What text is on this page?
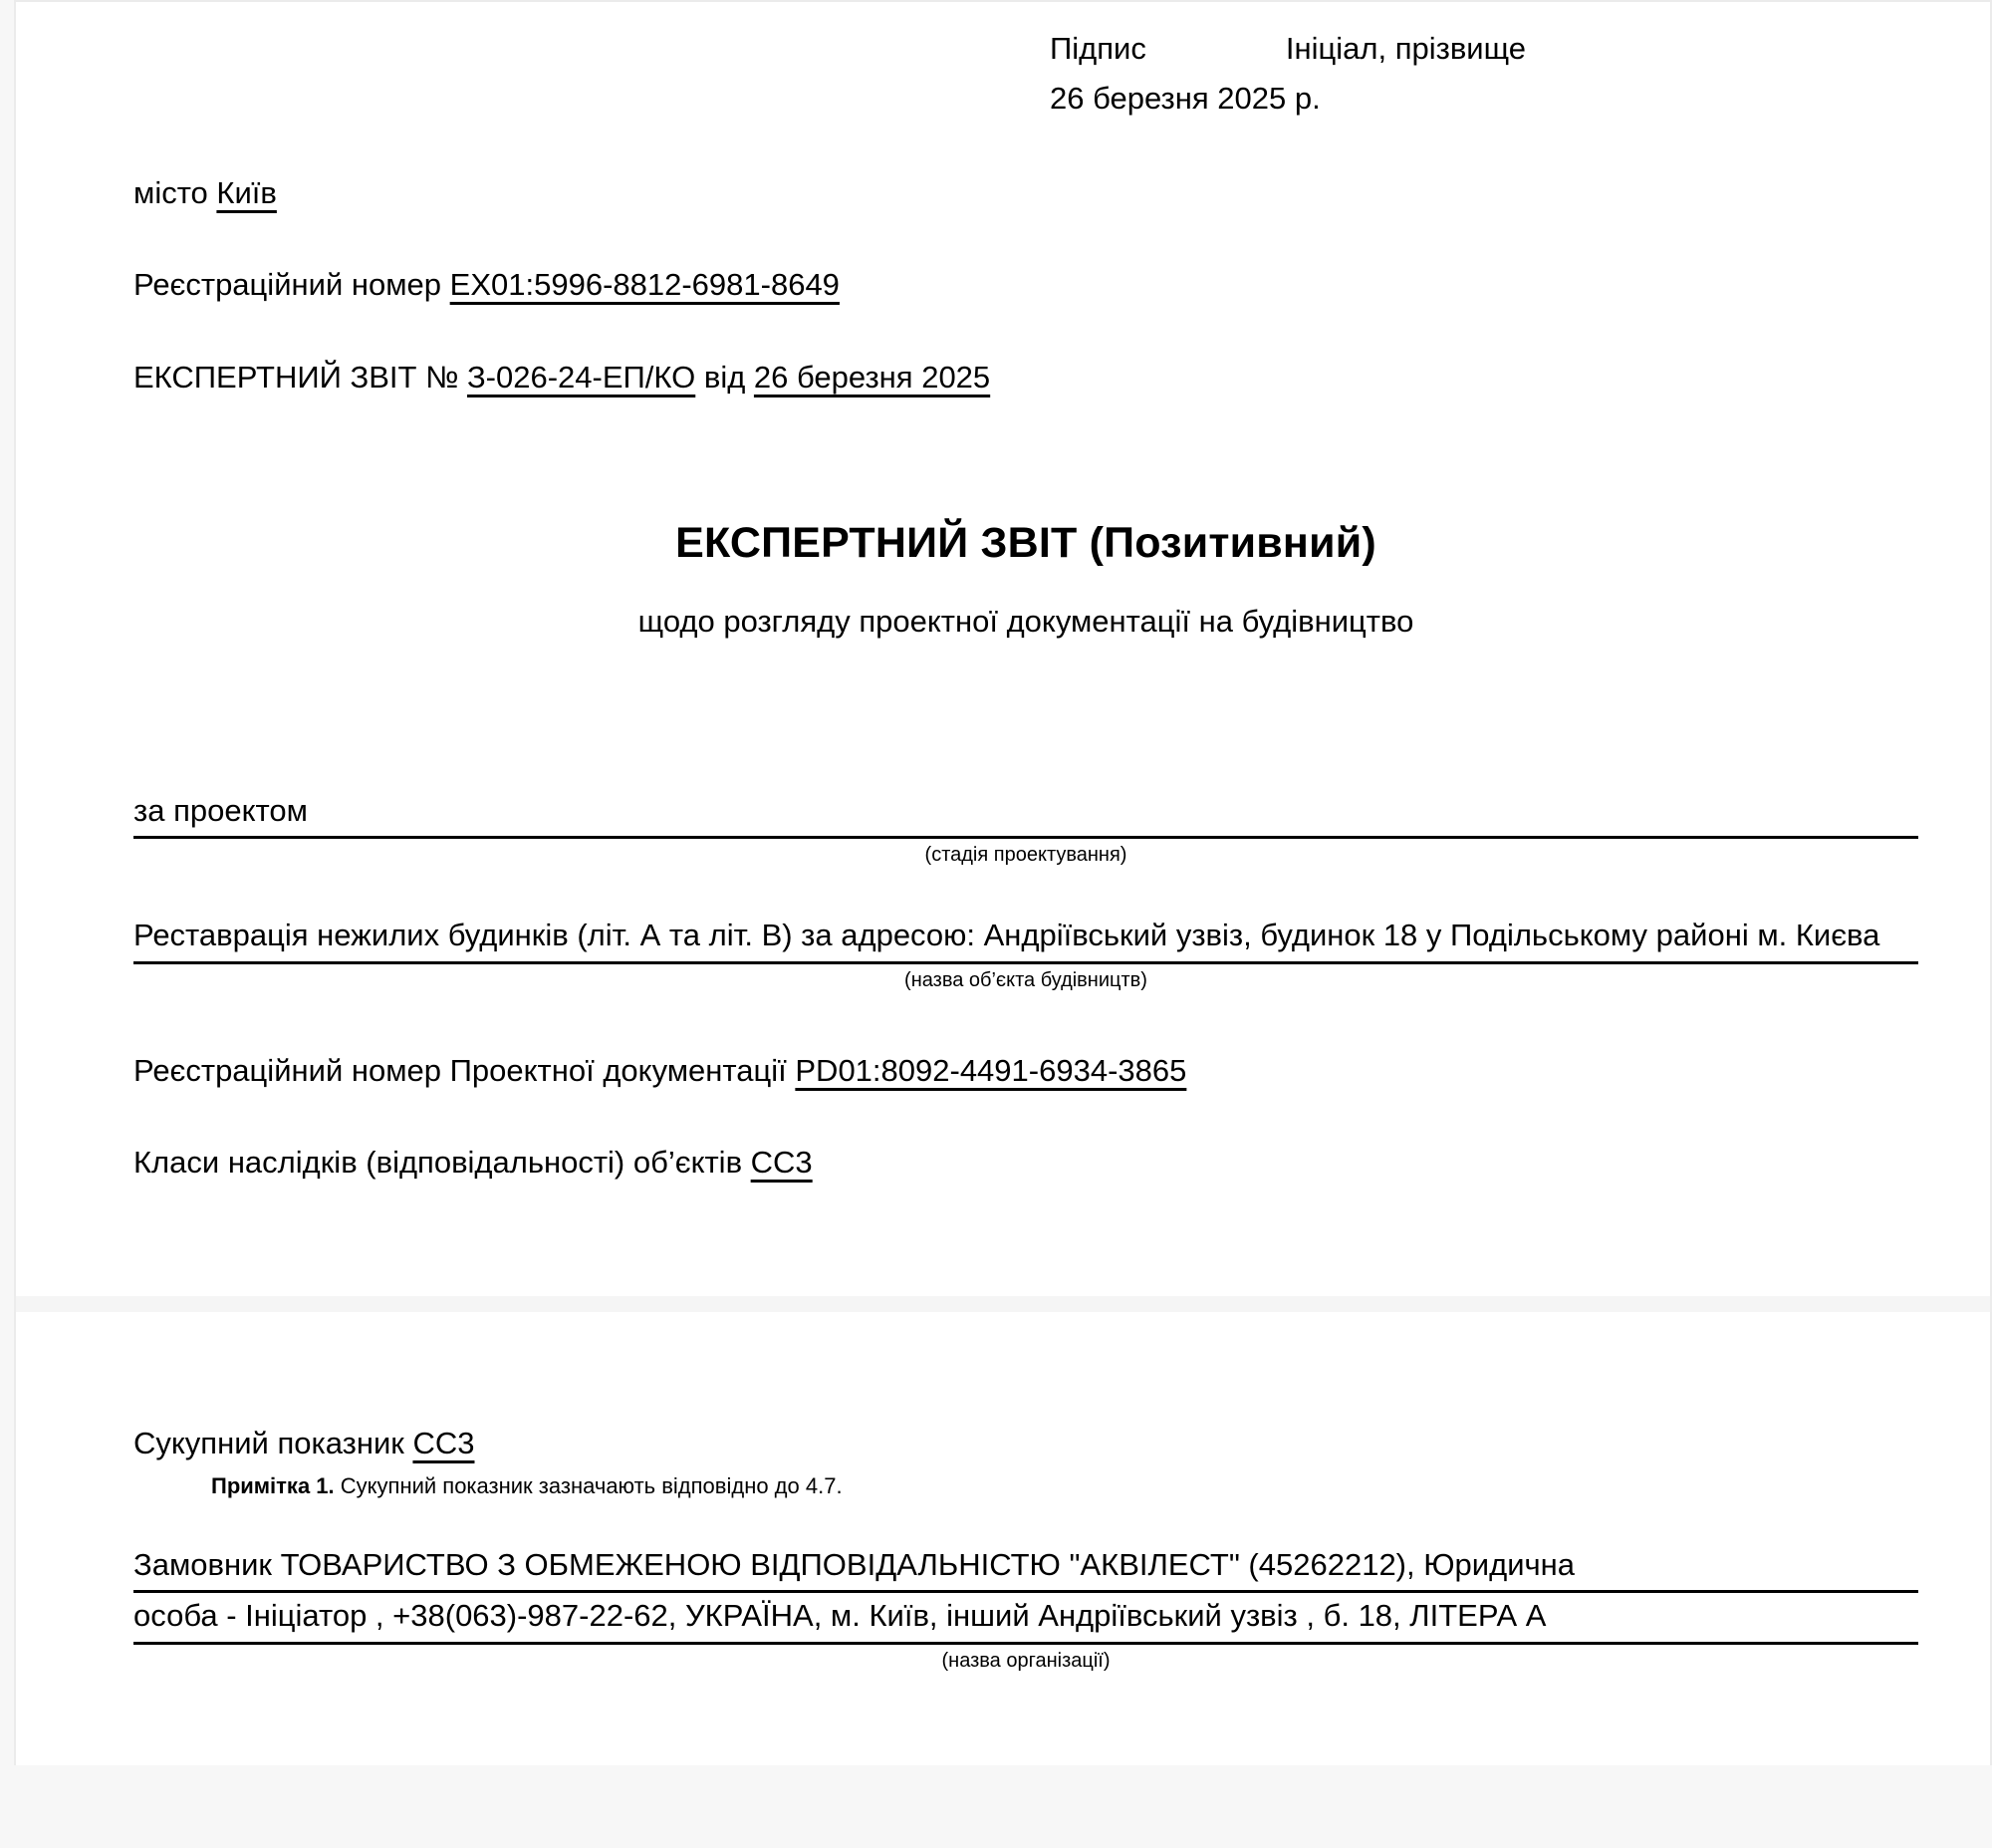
Підпис	Ініціал, прізвище
26 березня 2025 р.
місто Київ
Реєстраційний номер EX01:5996-8812-6981-8649
ЕКСПЕРТНИЙ ЗВІТ № З-026-24-ЕП/КО від 26 березня 2025
ЕКСПЕРТНИЙ ЗВІТ (Позитивний)
щодо розгляду проектної документації на будівництво
за проектом
(стадія проектування)
Реставрація нежилих будинків (літ. А та літ. В) за адресою: Андріївський узвіз, будинок 18 у Подільському районі м. Києва
(назва об’єкта будівництв)
Реєстраційний номер Проектної документації PD01:8092-4491-6934-3865
Класи наслідків (відповідальності) об’єктів СС3
Сукупний показник СС3
Примітка 1. Сукупний показник зазначають відповідно до 4.7.
Замовник ТОВАРИСТВО З ОБМЕЖЕНОЮ ВІДПОВІДАЛЬНІСТЮ "АКВІЛЕСТ" (45262212), Юридична
особа - Ініціатор , +38(063)-987-22-62, УКРАЇНА, м. Київ, інший Андріївський узвіз , б. 18, ЛІТЕРА А
(назва організації)
